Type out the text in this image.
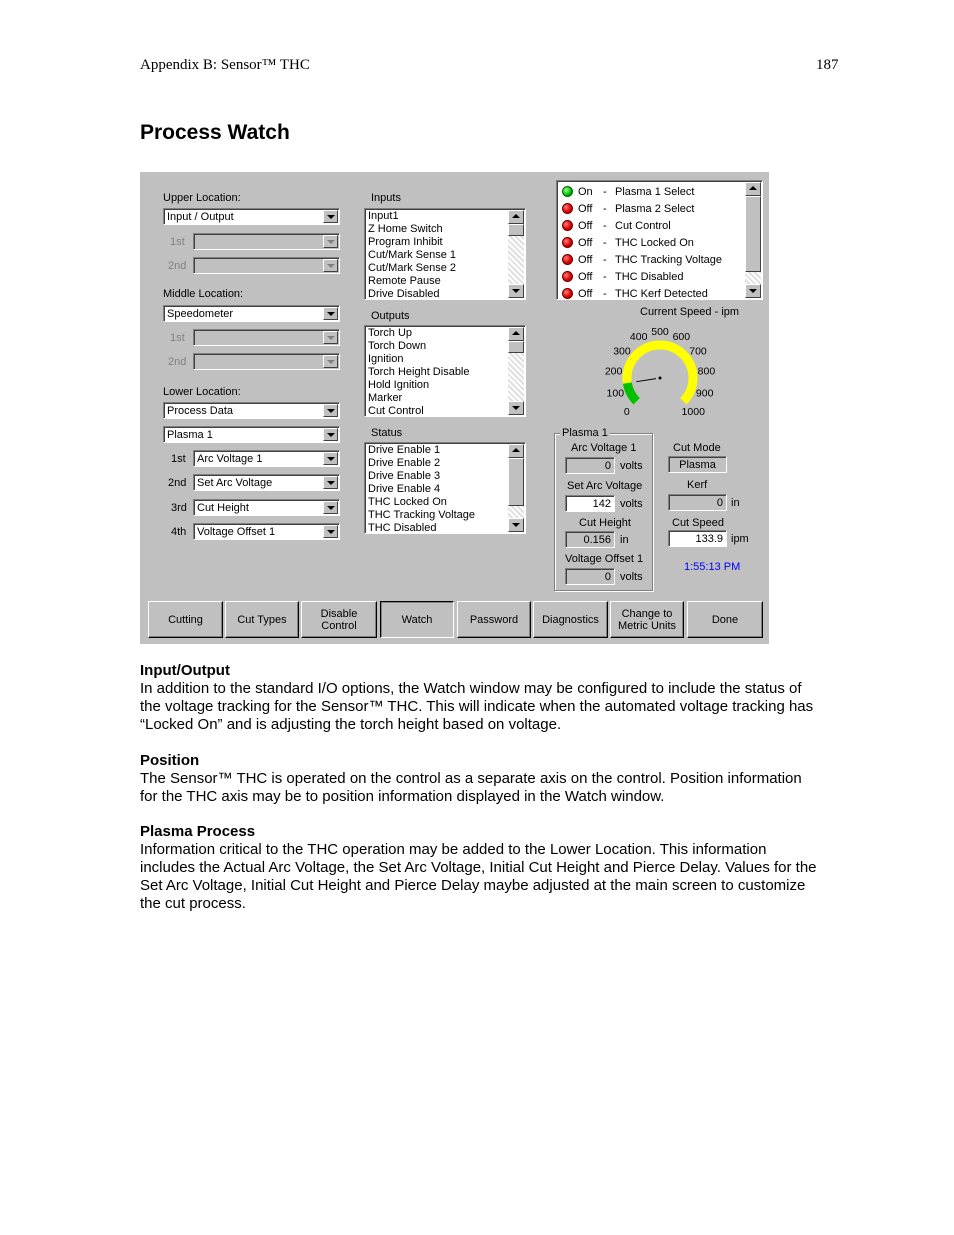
Appendix B: Sensor™ THC	187
Process Watch
Upper Location:
Input / Output
1st
2nd
Middle Location:
Speedometer
1st
2nd
Lower Location:
Process Data
Plasma 1
1st Arc Voltage 1
2nd Set Arc Voltage
3rd Cut Height
4th Voltage Offset 1
Inputs
Input1
Z Home Switch
Program Inhibit
Cut/Mark Sense 1
Cut/Mark Sense 2
Remote Pause
Drive Disabled
Outputs
Torch Up
Torch Down
Ignition
Torch Height Disable
Hold Ignition
Marker
Cut Control
Status
Drive Enable 1
Drive Enable 2
Drive Enable 3
Drive Enable 4
THC Locked On
THC Tracking Voltage
THC Disabled
On - Plasma 1 Select
Off - Plasma 2 Select
Off - Cut Control
Off - THC Locked On
Off - THC Tracking Voltage
Off - THC Disabled
Off - THC Kerf Detected
Current Speed - ipm
0
100
200
300
400 500 600
700
800
900
1000
Plasma 1
Arc Voltage 1
0 volts
Set Arc Voltage
142 volts
Cut Height
0.156 in
Voltage Offset 1
0 volts
Cut Mode
Plasma
Kerf
0 in
Cut Speed
133.9 ipm
1:55:13 PM
Cutting	Cut Types	Disable
Control	Watch	Password Diagnostics	Change to
Metric Units	Done
Input/Output
In addition to the standard I/O options, the Watch window may be configured to include the status of the voltage tracking for the Sensor™ THC. This will indicate when the automated voltage tracking has “Locked On” and is adjusting the torch height based on voltage.
Position
The Sensor™ THC is operated on the control as a separate axis on the control. Position information for the THC axis may be to position information displayed in the Watch window.
Plasma Process
Information critical to the THC operation may be added to the Lower Location. This information includes the Actual Arc Voltage, the Set Arc Voltage, Initial Cut Height and Pierce Delay. Values for the Set Arc Voltage, Initial Cut Height and Pierce Delay maybe adjusted at the main screen to customize the cut process.
